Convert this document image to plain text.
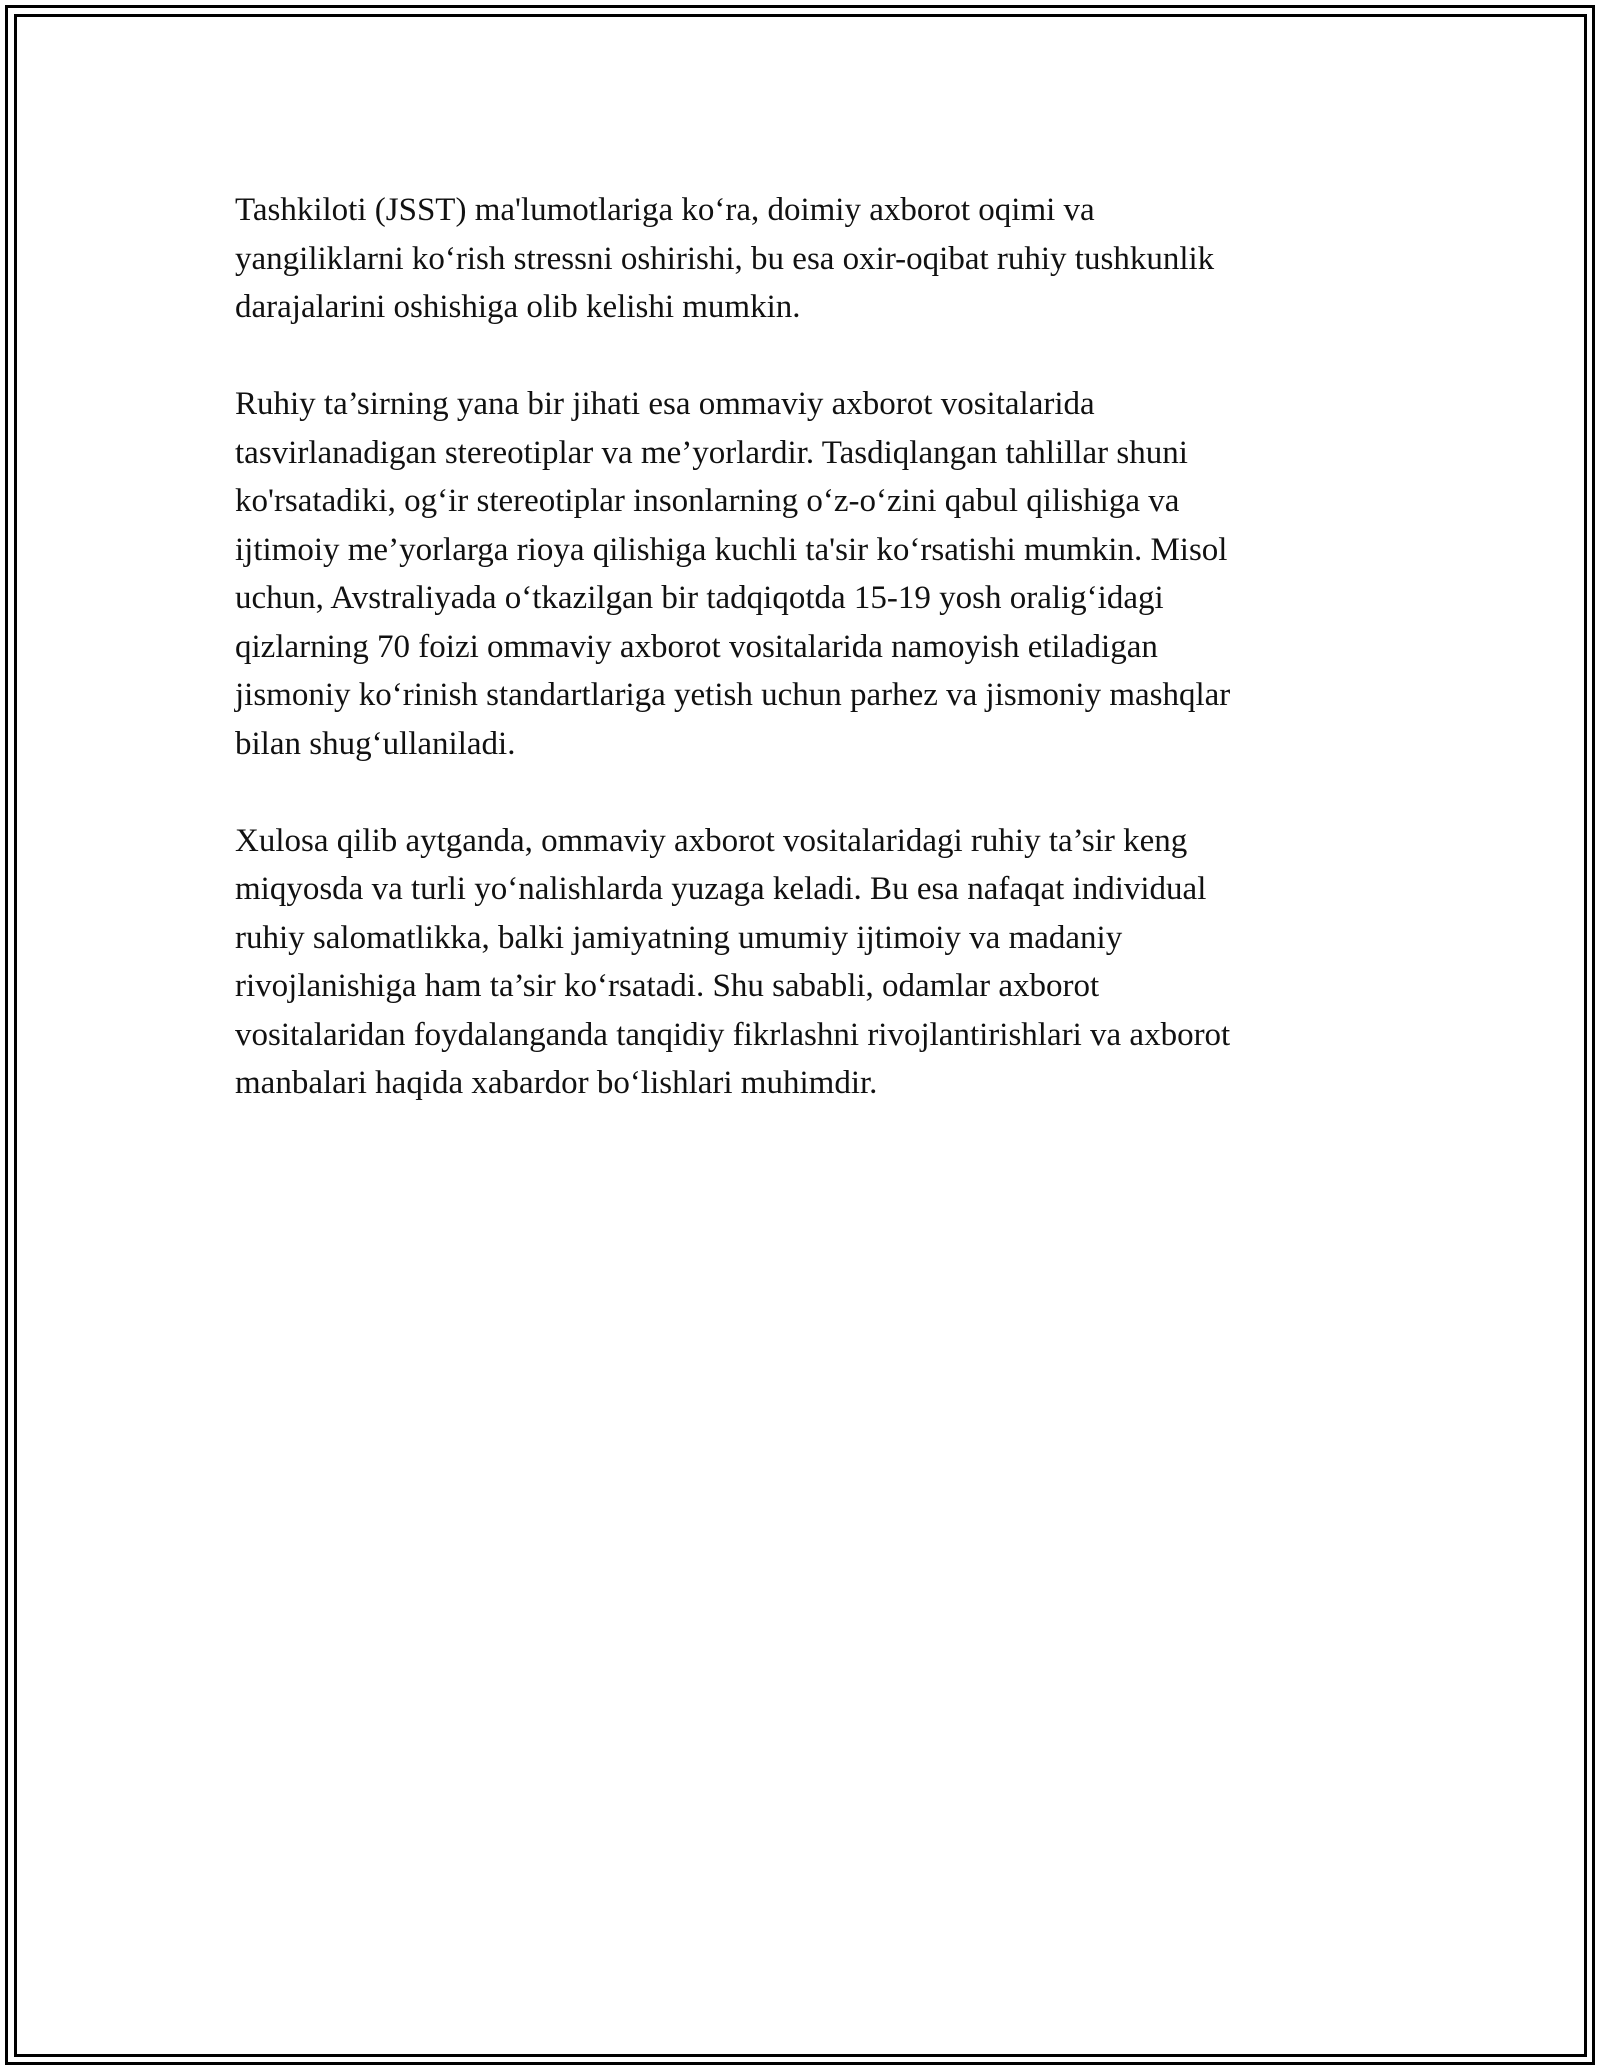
Tashkiloti (JSST) ma'lumotlariga ko‘ra, doimiy axborot oqimi va
yangiliklarni ko‘rish stressni oshirishi, bu esa oxir-oqibat ruhiy tushkunlik
darajalarini oshishiga olib kelishi mumkin.

Ruhiy ta’sirning yana bir jihati esa ommaviy axborot vositalarida
tasvirlanadigan stereotiplar va me’yorlardir. Tasdiqlangan tahlillar shuni
ko'rsatadiki, og‘ir stereotiplar insonlarning o‘z-o‘zini qabul qilishiga va
ijtimoiy me’yorlarga rioya qilishiga kuchli ta'sir ko‘rsatishi mumkin. Misol
uchun, Avstraliyada o‘tkazilgan bir tadqiqotda 15-19 yosh oralig‘idagi
qizlarning 70 foizi ommaviy axborot vositalarida namoyish etiladigan
jismoniy ko‘rinish standartlariga yetish uchun parhez va jismoniy mashqlar
bilan shug‘ullaniladi.

Xulosa qilib aytganda, ommaviy axborot vositalaridagi ruhiy ta’sir keng
miqyosda va turli yo‘nalishlarda yuzaga keladi. Bu esa nafaqat individual
ruhiy salomatlikka, balki jamiyatning umumiy ijtimoiy va madaniy
rivojlanishiga ham ta’sir ko‘rsatadi. Shu sababli, odamlar axborot
vositalaridan foydalanganda tanqidiy fikrlashni rivojlantirishlari va axborot
manbalari haqida xabardor bo‘lishlari muhimdir.
